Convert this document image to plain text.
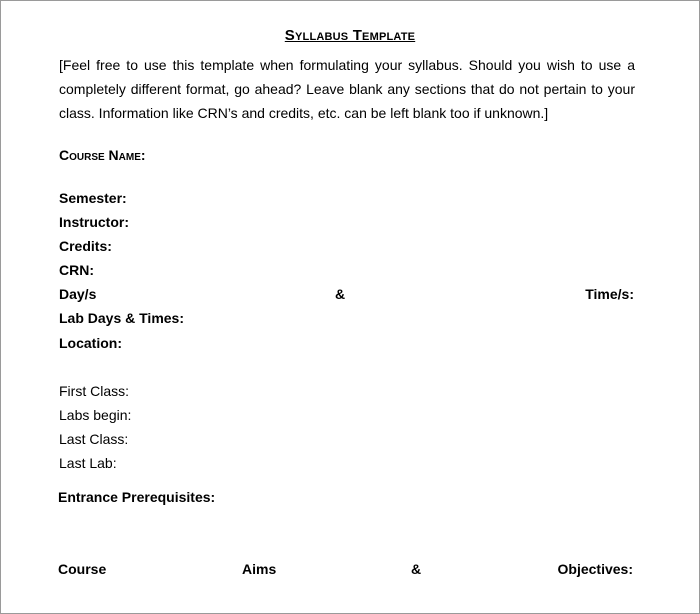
Syllabus Template
[Feel free to use this template when formulating your syllabus. Should you wish to use a completely different format, go ahead? Leave blank any sections that do not pertain to your class. Information like CRN’s and credits, etc. can be left blank too if unknown.]
Course Name:
Semester:
Instructor:
Credits:
CRN:
Day/s	&	Time/s:
Lab Days & Times:
Location:
First Class:
Labs begin:
Last Class:
Last Lab:
Entrance Prerequisites:
Course	Aims	&	Objectives:
